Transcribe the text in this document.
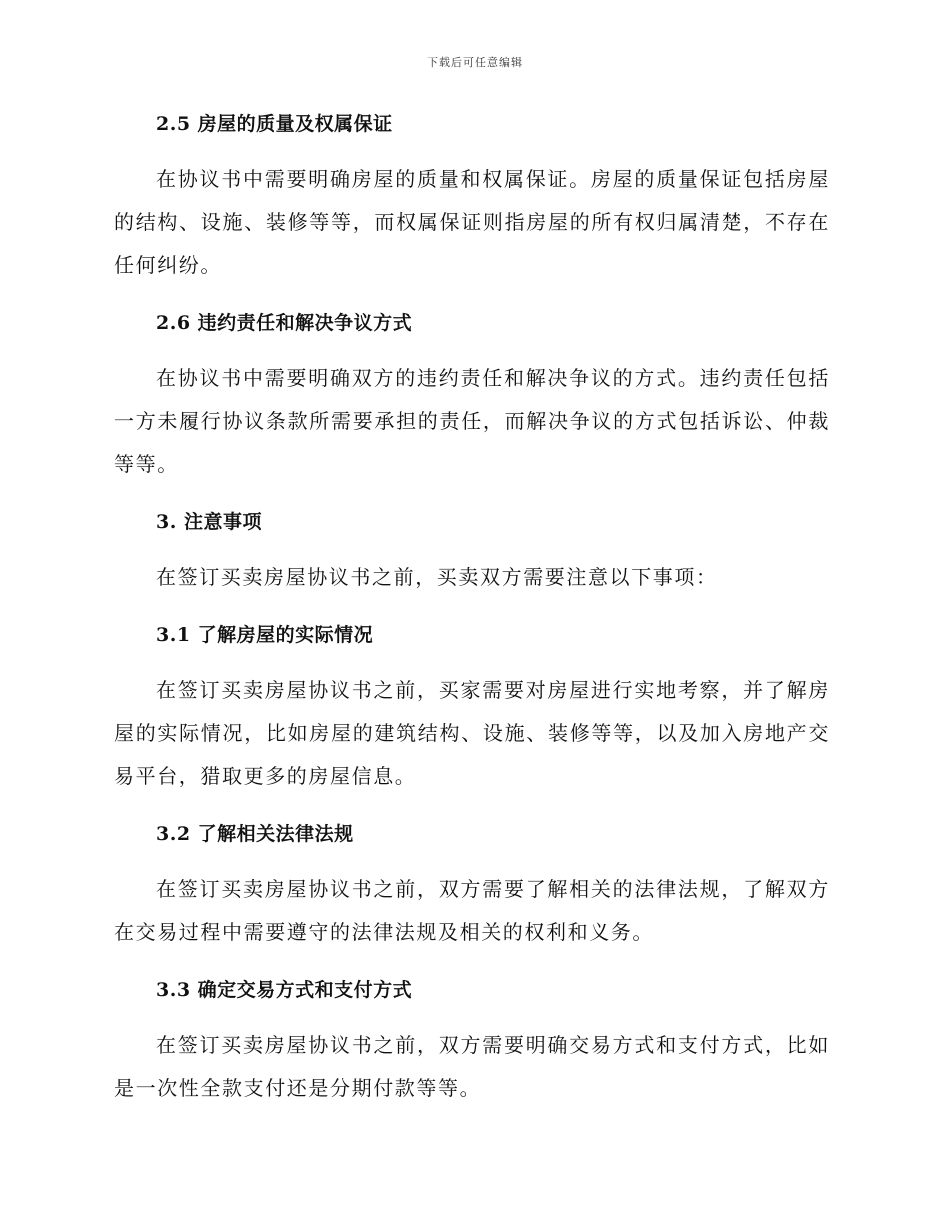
下载后可任意编辑
2.5 房屋的质量及权属保证

在协议书中需要明确房屋的质量和权属保证。房屋的质量保证包括房屋的结构、设施、装修等等，而权属保证则指房屋的所有权归属清楚，不存在任何纠纷。

2.6 违约责任和解决争议方式

在协议书中需要明确双方的违约责任和解决争议的方式。违约责任包括一方未履行协议条款所需要承担的责任，而解决争议的方式包括诉讼、仲裁等等。

3. 注意事项

在签订买卖房屋协议书之前，买卖双方需要注意以下事项：

3.1 了解房屋的实际情况

在签订买卖房屋协议书之前，买家需要对房屋进行实地考察，并了解房屋的实际情况，比如房屋的建筑结构、设施、装修等等，以及加入房地产交易平台，猎取更多的房屋信息。

3.2 了解相关法律法规

在签订买卖房屋协议书之前，双方需要了解相关的法律法规，了解双方在交易过程中需要遵守的法律法规及相关的权利和义务。

3.3 确定交易方式和支付方式

在签订买卖房屋协议书之前，双方需要明确交易方式和支付方式，比如是一次性全款支付还是分期付款等等。
